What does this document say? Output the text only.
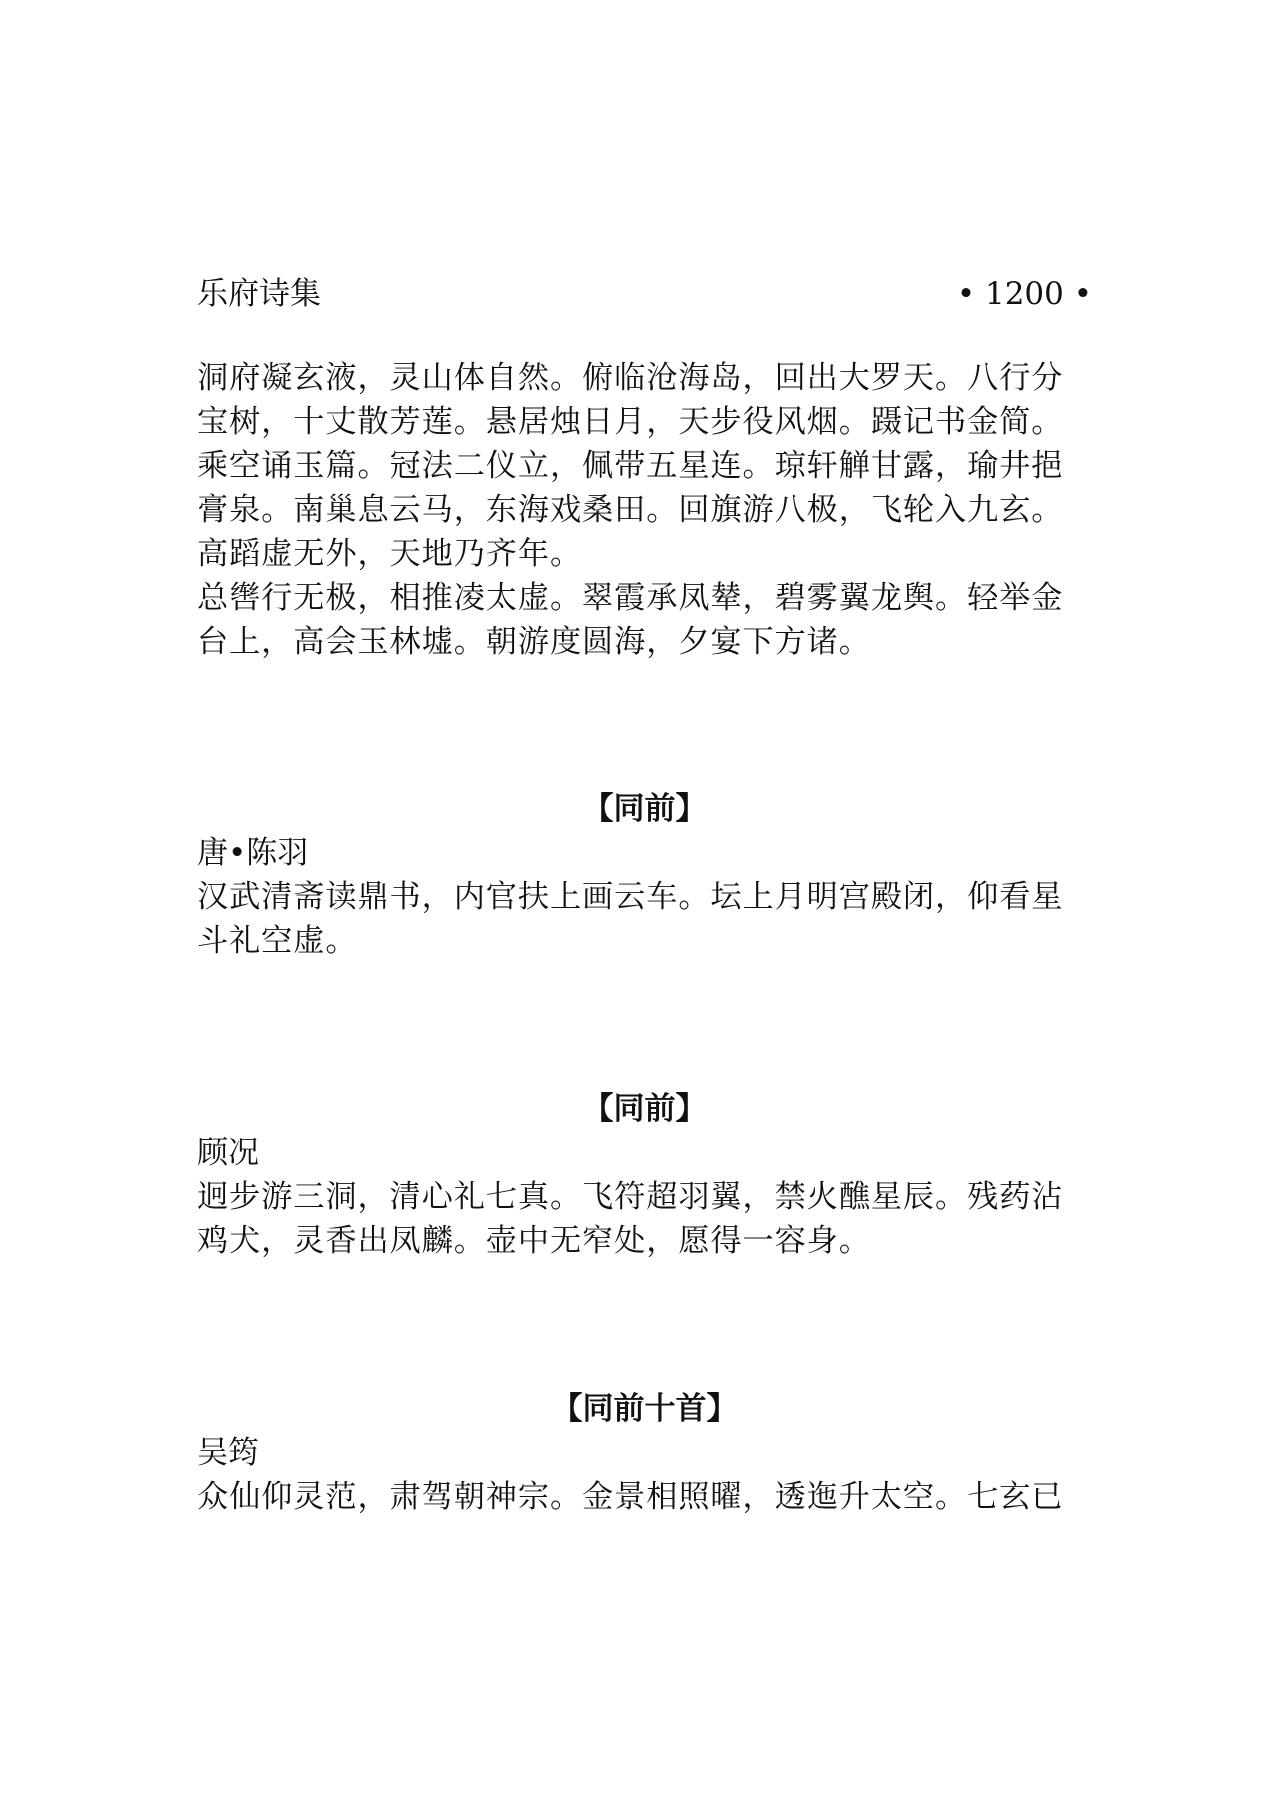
乐府诗集	• 1200 •

洞府凝玄液，灵山体自然。俯临沧海岛，回出大罗天。八行分宝树，十丈散芳莲。悬居烛日月，天步役风烟。蹑记书金简。乘空诵玉篇。冠法二仪立，佩带五星连。琼轩觯甘露，瑜井挹膏泉。南巢息云马，东海戏桑田。回旗游八极，飞轮入九玄。高蹈虚无外，天地乃齐年。

总辔行无极，相推凌太虚。翠霞承凤辇，碧雾翼龙舆。轻举金台上，高会玉林墟。朝游度圆海，夕宴下方诸。

【同前】

唐•陈羽

汉武清斋读鼎书，内官扶上画云车。坛上月明宫殿闭，仰看星斗礼空虚。

【同前】

顾况

迥步游三洞，清心礼七真。飞符超羽翼，禁火醮星辰。残药沾鸡犬，灵香出凤麟。壶中无窄处，愿得一容身。

【同前十首】

吴筠

众仙仰灵范，肃驾朝神宗。金景相照曜，透迤升太空。七玄已
